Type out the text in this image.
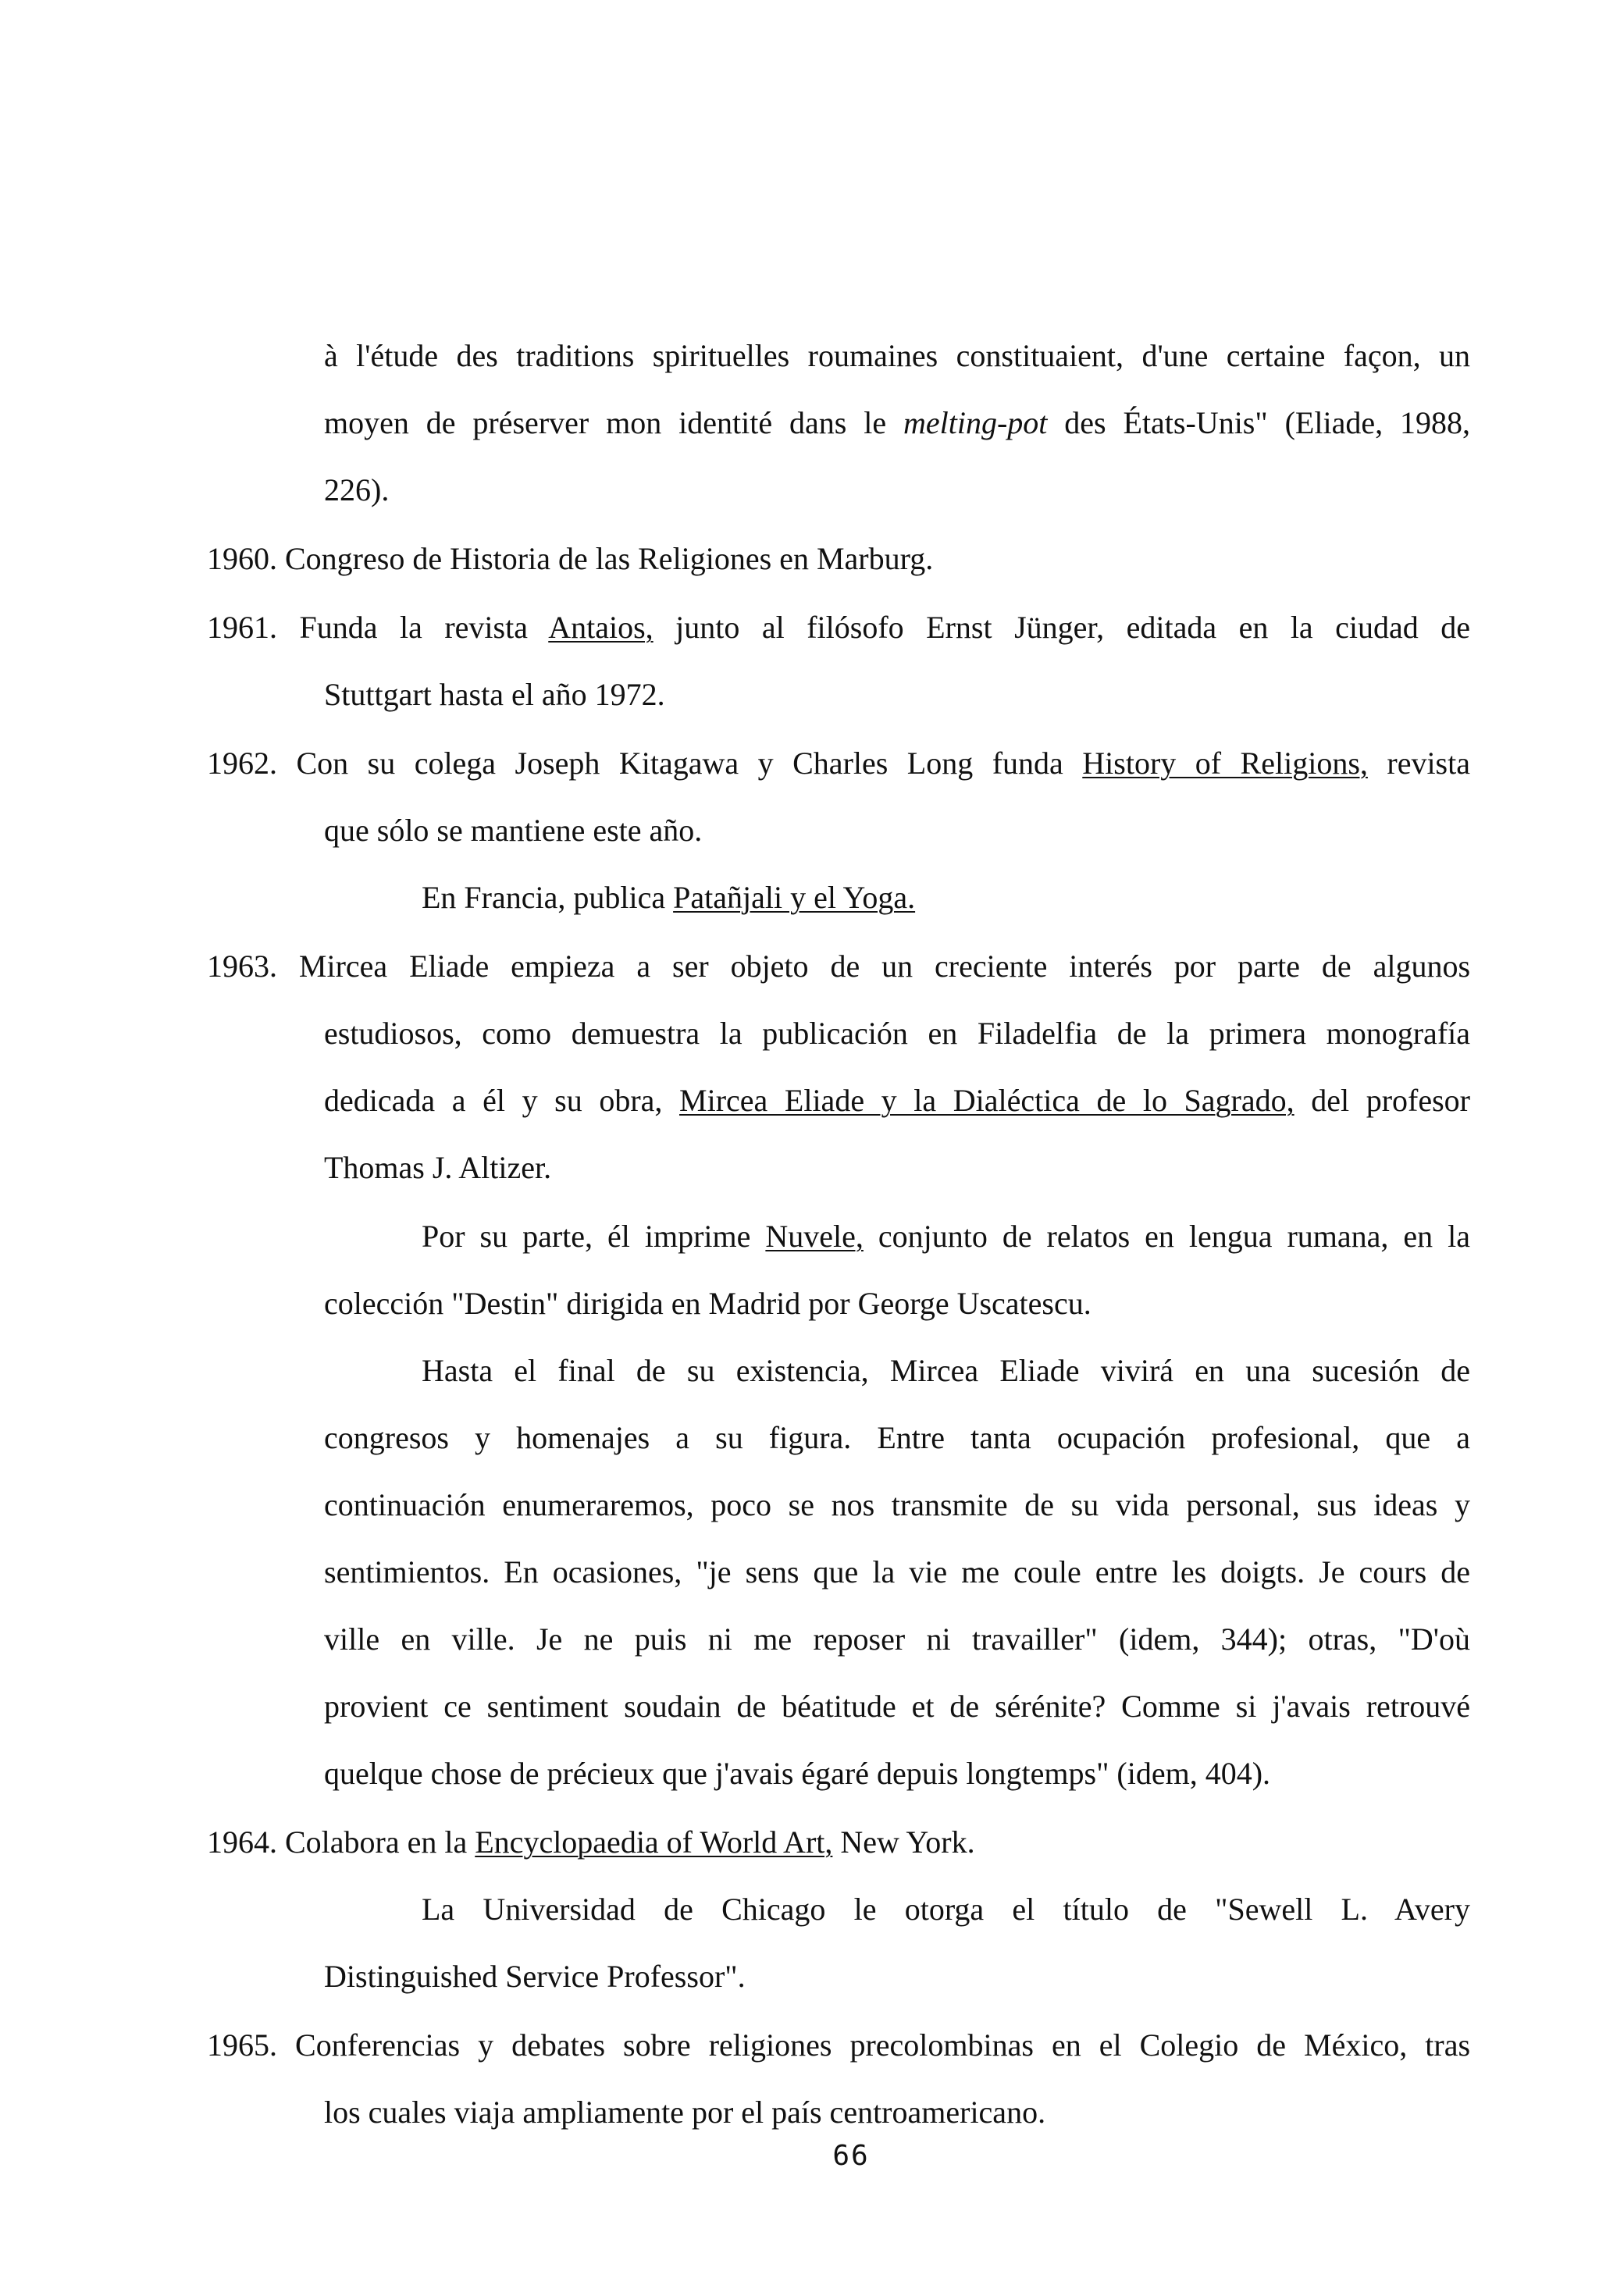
à l'étude des traditions spirituelles roumaines constituaient, d'une certaine façon, un
moyen de préserver mon identité dans le melting-pot des États-Unis" (Eliade, 1988,
226).
1960. Congreso de Historia de las Religiones en Marburg.
1961. Funda la revista Antaios, junto al filósofo Ernst Jünger, editada en la ciudad de
Stuttgart hasta el año 1972.
1962. Con su colega Joseph Kitagawa y Charles Long funda History of Religions, revista
que sólo se mantiene este año.
En Francia, publica Patañjali y el Yoga.
1963. Mircea Eliade empieza a ser objeto de un creciente interés por parte de algunos
estudiosos, como demuestra la publicación en Filadelfia de la primera monografía
dedicada a él y su obra, Mircea Eliade y la Dialéctica de lo Sagrado, del profesor
Thomas J. Altizer.
Por su parte, él imprime Nuvele, conjunto de relatos en lengua rumana, en la
colección "Destin" dirigida en Madrid por George Uscatescu.
Hasta el final de su existencia, Mircea Eliade vivirá en una sucesión de
congresos y homenajes a su figura. Entre tanta ocupación profesional, que a
continuación enumeraremos, poco se nos transmite de su vida personal, sus ideas y
sentimientos. En ocasiones, "je sens que la vie me coule entre les doigts. Je cours de
ville en ville. Je ne puis ni me reposer ni travailler" (idem, 344); otras, "D'où
provient ce sentiment soudain de béatitude et de sérénite? Comme si j'avais retrouvé
quelque chose de précieux que j'avais égaré depuis longtemps" (idem, 404).
1964. Colabora en la Encyclopaedia of World Art, New York.
La Universidad de Chicago le otorga el título de "Sewell L. Avery
Distinguished Service Professor".
1965. Conferencias y debates sobre religiones precolombinas en el Colegio de México, tras
los cuales viaja ampliamente por el país centroamericano.
66
